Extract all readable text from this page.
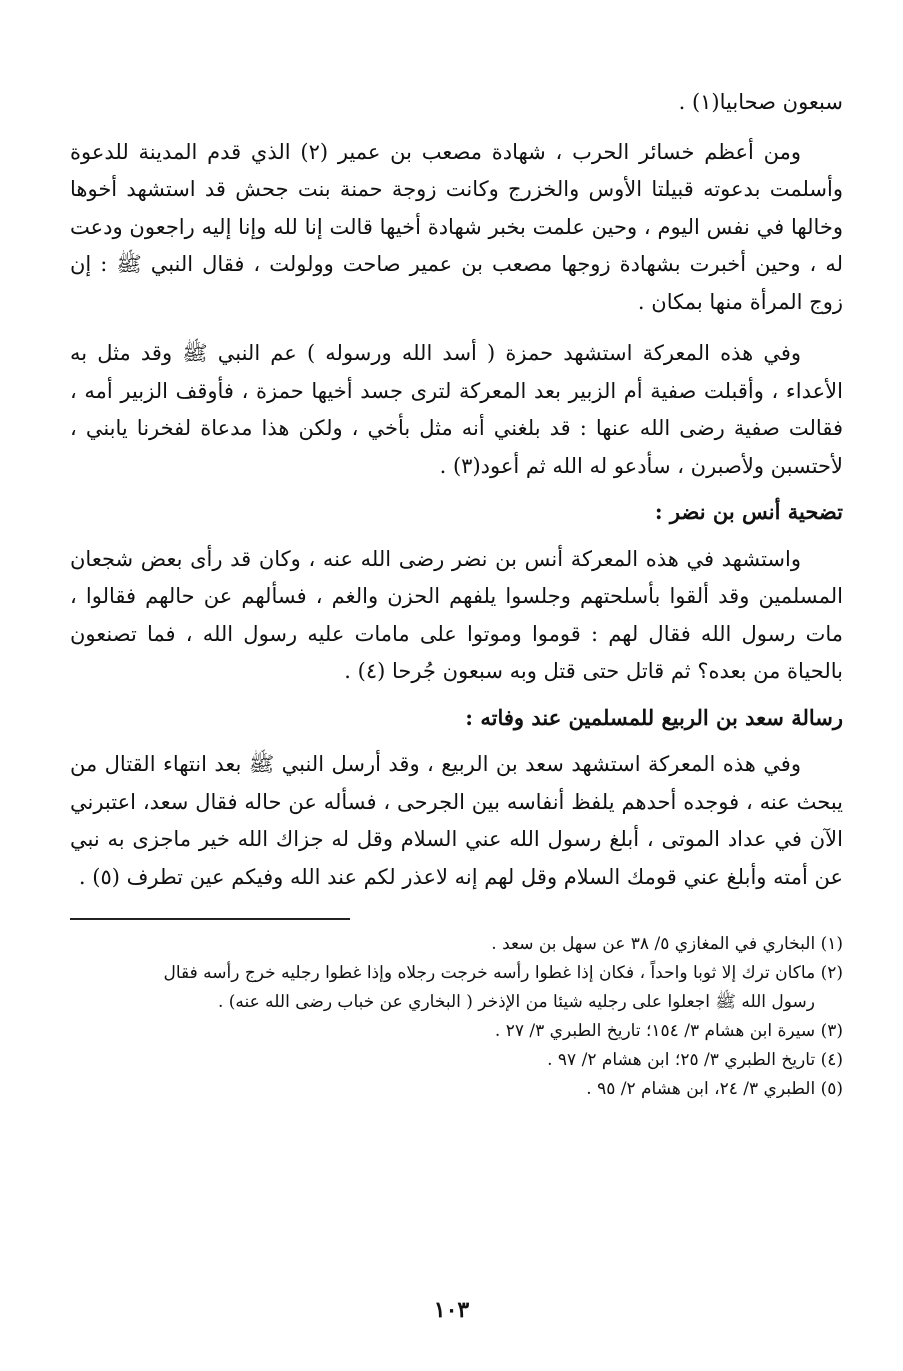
سبعون صحابيا(١) .

ومن أعظم خسائر الحرب ، شهادة مصعب بن عمير (٢) الذي قدم المدينة للدعوة وأسلمت بدعوته قبيلتا الأوس والخزرج وكانت زوجة حمنة بنت جحش قد استشهد أخوها وخالها في نفس اليوم ، وحين علمت بخبر شهادة أخيها قالت إنا لله وإنا إليه راجعون ودعت له ، وحين أخبرت بشهادة زوجها مصعب بن عمير صاحت وولولت ، فقال النبي ﷺ : إن زوج المرأة منها بمكان .

وفي هذه المعركة استشهد حمزة ( أسد الله ورسوله ) عم النبي ﷺ وقد مثل به الأعداء ، وأقبلت صفية أم الزبير بعد المعركة لترى جسد أخيها حمزة ، فأوقف الزبير أمه ، فقالت صفية رضى الله عنها : قد بلغني أنه مثل بأخي ، ولكن هذا مدعاة لفخرنا يابني ، لأحتسبن ولأصبرن ، سأدعو له الله ثم أعود(٣) .

تضحية أنس بن نضر :

واستشهد في هذه المعركة أنس بن نضر رضى الله عنه ، وكان قد رأى بعض شجعان المسلمين وقد ألقوا بأسلحتهم وجلسوا يلفهم الحزن والغم ، فسألهم عن حالهم فقالوا ، مات رسول الله فقال لهم : قوموا وموتوا على مامات عليه رسول الله ، فما تصنعون بالحياة من بعده؟ ثم قاتل حتى قتل وبه سبعون جُرحا (٤) .

رسالة سعد بن الربيع للمسلمين عند وفاته :

وفي هذه المعركة استشهد سعد بن الربيع ، وقد أرسل النبي ﷺ بعد انتهاء القتال من يبحث عنه ، فوجده أحدهم يلفظ أنفاسه بين الجرحى ، فسأله عن حاله فقال سعد، اعتبرني الآن في عداد الموتى ، أبلغ رسول الله عني السلام وقل له جزاك الله خير ماجزى به نبي عن أمته وأبلغ عني قومك السلام وقل لهم إنه لاعذر لكم عند الله وفيكم عين تطرف (٥) .

(١) البخاري في المغازي ٥/ ٣٨ عن سهل بن سعد .

(٢) ماكان ترك إلا ثوبا واحداً ، فكان إذا غطوا رأسه خرجت رجلاه وإذا غطوا رجليه خرج رأسه فقال

رسول الله ﷺ اجعلوا على رجليه شيئا من الإذخر ( البخاري عن خباب رضى الله عنه) .

(٣) سيرة ابن هشام ٣/ ١٥٤؛ تاريخ الطبري ٣/ ٢٧ .

(٤) تاريخ الطبري ٣/ ٢٥؛ ابن هشام ٢/ ٩٧ .

(٥) الطبري ٣/ ٢٤، ابن هشام ٢/ ٩٥ .

١٠٣
